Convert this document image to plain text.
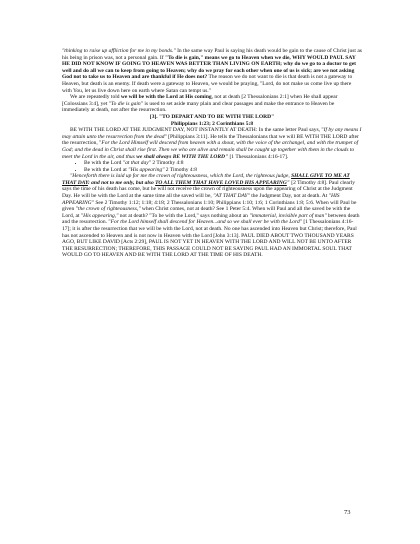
"thinking to raise up affliction for me in my bonds." In the same way Paul is saying his death would be gain to the cause of Christ just as his being in prison was, not a personal gain. If "To die is gain," means we go to Heaven when we die, WHY WOULD PAUL SAY HE DID NOT KNOW IF GOING TO HEAVEN WAS BETTER THAN LIVING ON EARTH; why do we go to a doctor to get well and do all we can to keep from going to Heaven; why do we pray for each other when one of us is sick; are we not asking God not to take us to Heaven and are thankful if He does not? The reason we do not want to die is that death is not a gateway to Heaven, but death is an enemy. If death were a gateway to Heaven, we would be praying, "Lord, do not make us come live up there with You, let us live down here on earth where Satan can tempt us."

We are repeatedly told we will be with the Lord at His coming, not at death [2 Thessalonians 2:1] when He shall appear [Colossians 3:4], yet "To die is gain" is used to set aside many plain and clear passages and make the entrance to Heaven be immediately at death, not after the resurrection.

[3]. "TO DEPART AND TO BE WITH THE LORD"

Philippians 1:23; 2 Corinthians 5:8

BE WITH THE LORD AT THE JUDGMENT DAY, NOT INSTANTLY AT DEATH: In the same letter Paul says, "If by any means I may attain unto the resurrection from the dead" [Philippians 3:11]. He tells the Thessalonians that we will BE WITH THE LORD after the resurrection, "For the Lord Himself will descend from heaven with a shout, with the voice of the archangel, and with the trumpet of God; and the dead in Christ shall rise first. Then we who are alive and remain shall be caught up together with them in the clouds to meet the Lord in the air, and thus we shall always BE WITH THE LORD" [1 Thessalonians 4:16-17].

• Be with the Lord "at that day" 2 Timothy 4:8
• Be with the Lord at "His appearing" 2 Timothy 4:8

"Henceforth there is laid up for me the crown of righteousness, which the Lord, the righteous judge, SHALL GIVE TO ME AT THAT DAY: and not to me only, but also TO ALL THEM THAT HAVE LOVED HIS APPEARING" [2 Timothy 4:8]. Paul clearly says the time of his death has come, but he will not receive the crown of righteousness upon the appearing of Christ at the Judgment Day. He will be with the Lord at the same time all the saved will be, "AT THAT DAY" the Judgment Day, not at death. At "HIS APPEARING" See 2 Timothy 1:12; 1:18; 4:18; 2 Thessalonians 1:10; Philippians 1:10; 1:6; 1 Corinthians 1:8; 5:6. When will Paul be given "the crown of righteousness," when Christ comes, not at death? See 1 Peter 5:4. When will Paul and all the saved be with the Lord, at "His appearing," not at death? "To be with the Lord," says nothing about an "immaterial, invisible part of man" between death and the resurrection. "For the Lord himself shall descend for Heaven...and so we shall ever be with the Lord" [1 Thessalonians 4:16-17]; it is after the resurrection that we will be with the Lord, not at death. No one has ascended into Heaven but Christ; therefore, Paul has not ascended to Heaven and is not now in Heaven with the Lord [John 3:13]. PAUL DIED ABOUT TWO THOUSAND YEARS AGO, BUT LIKE DAVID [Acts 2:29], PAUL IS NOT YET IN HEAVEN WITH THE LORD AND WILL NOT BE UNTO AFTER THE RESURRECTION; THEREFORE, THIS PASSAGE COULD NOT BE SAYING PAUL HAD AN IMMORTAL SOUL THAT WOULD GO TO HEAVEN AND BE WITH THE LORD AT THE TIME OF HIS DEATH.

73
